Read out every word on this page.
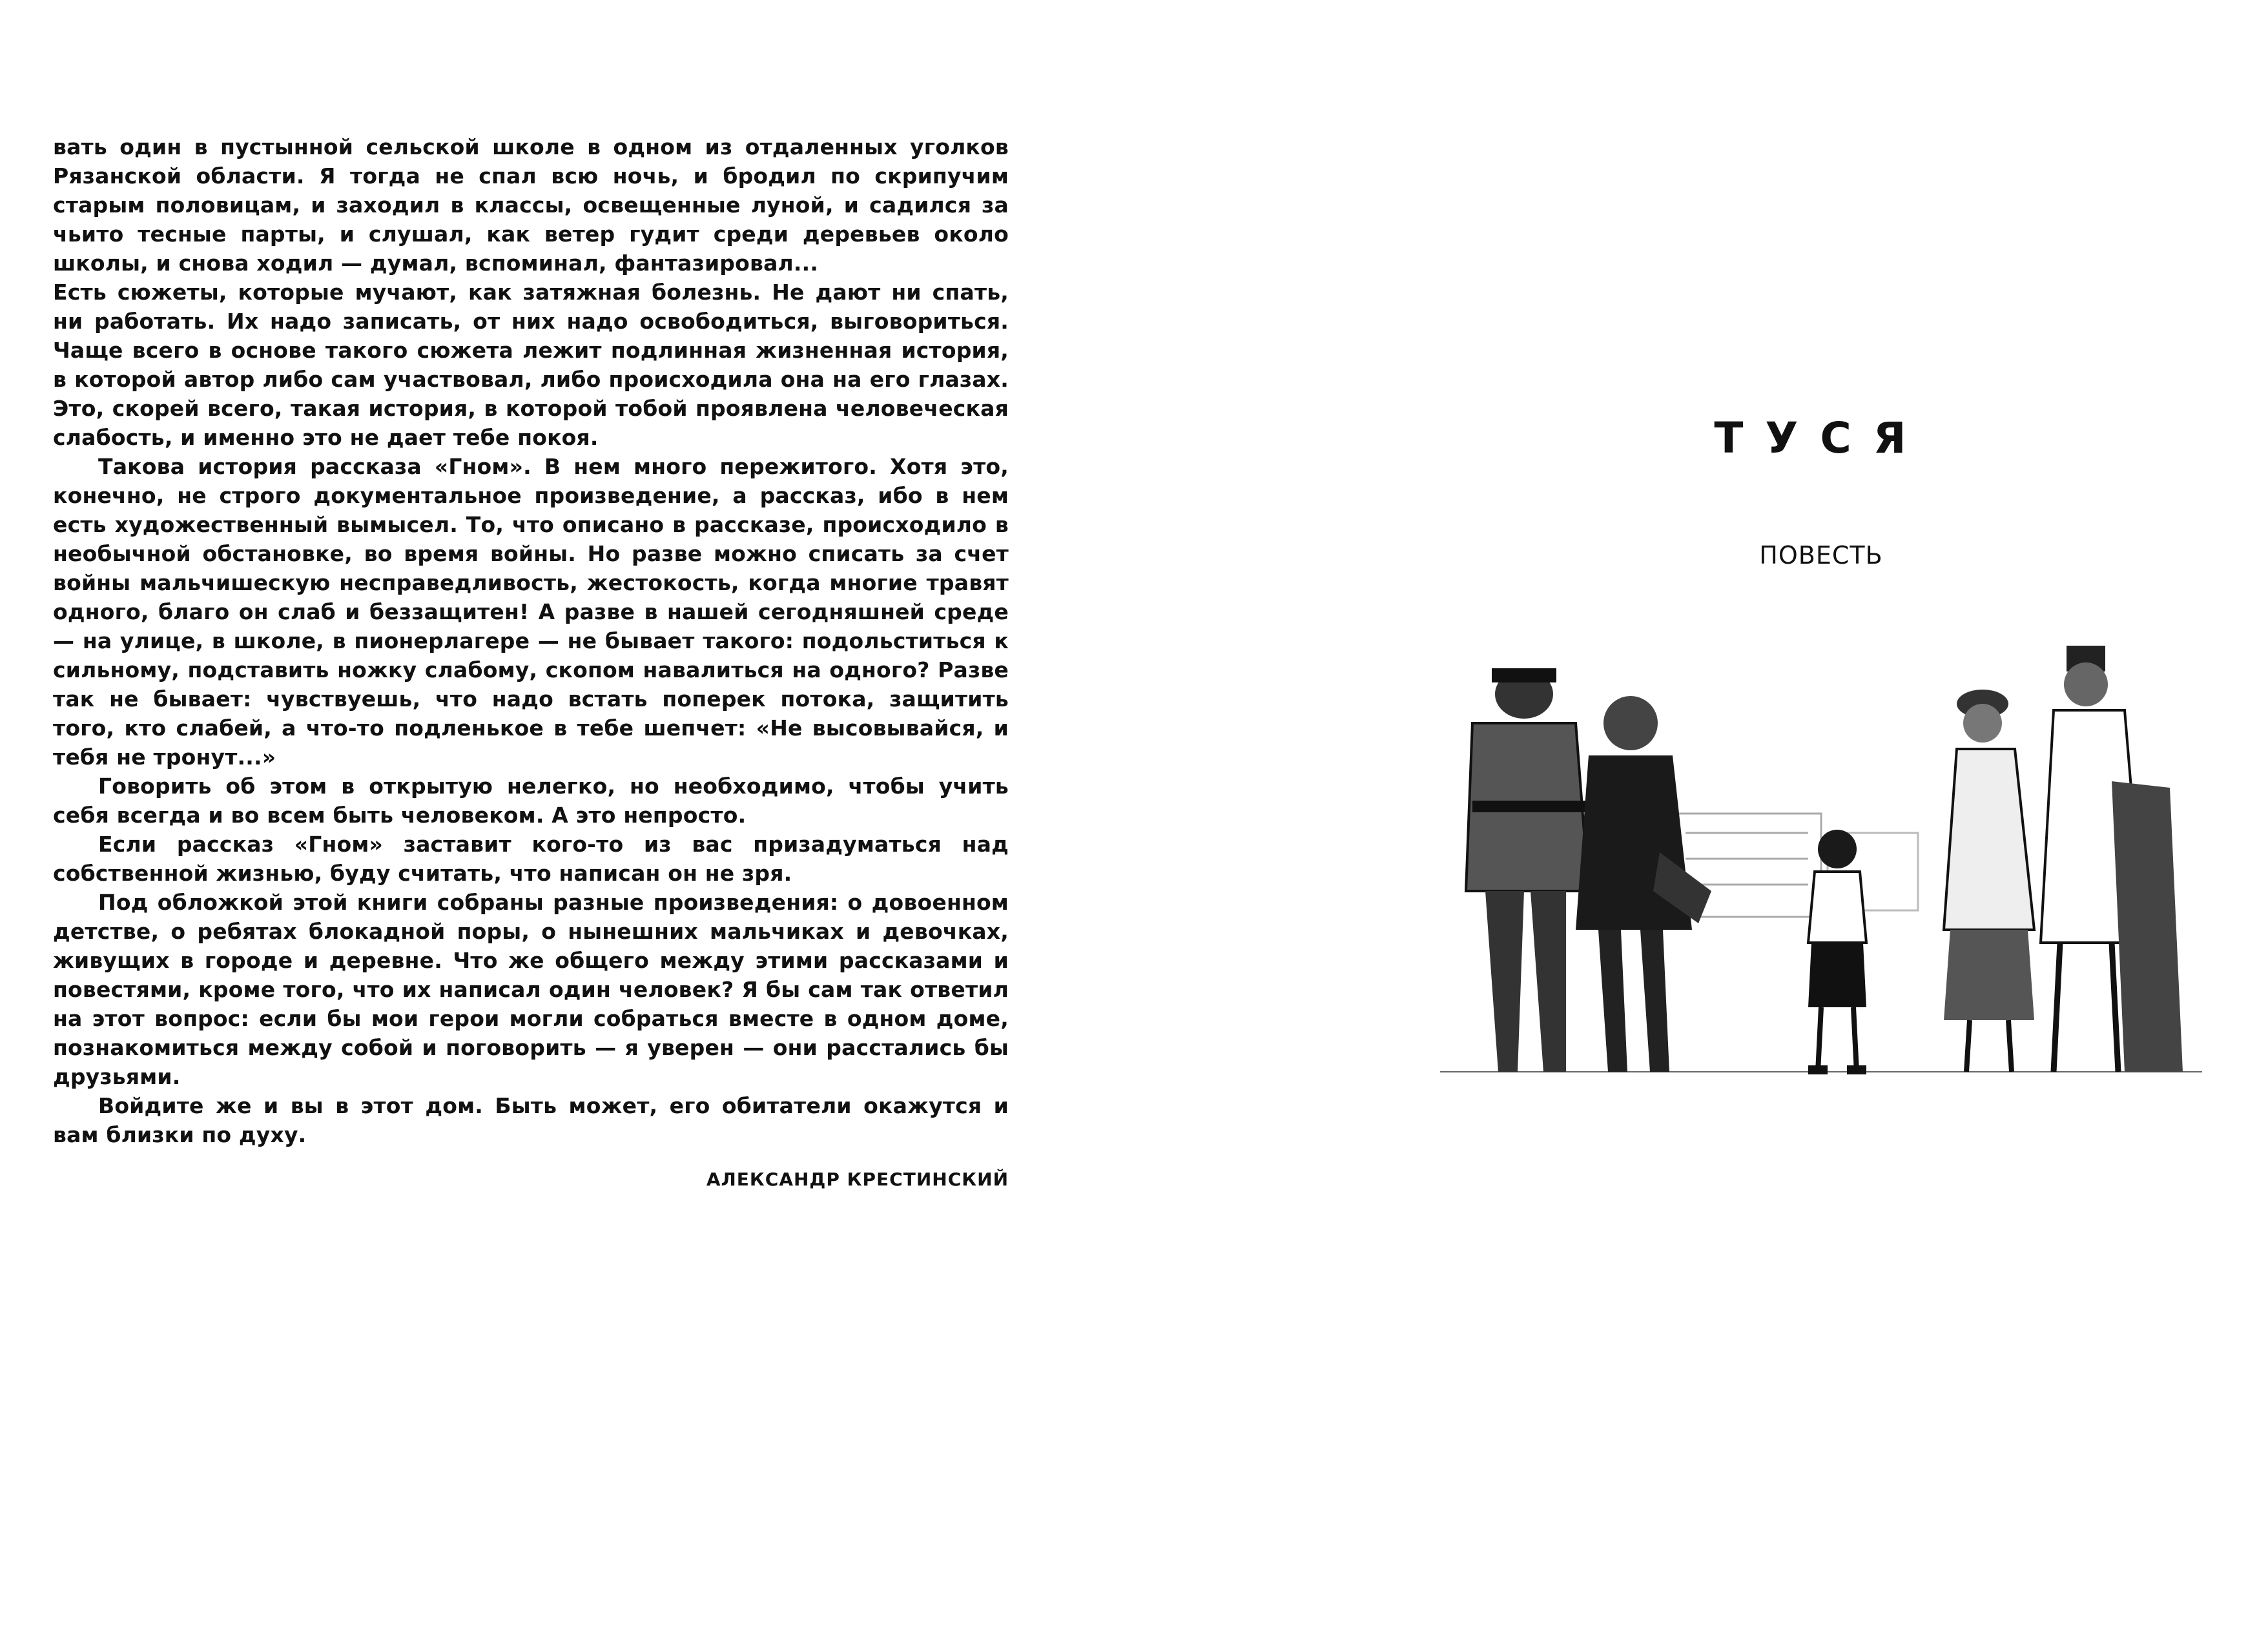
вать один в пустынной сельской школе в одном из отдаленных уголков Рязанской области. Я тогда не спал всю ночь, и бродил по скрипучим старым половицам, и заходил в классы, освещенные луной, и садился за чьито тесные парты, и слушал, как ветер гудит среди деревьев около школы, и снова ходил — думал, вспоминал, фантазировал...

Есть сюжеты, которые мучают, как затяжная болезнь. Не дают ни спать, ни работать. Их надо записать, от них надо освободиться, выговориться. Чаще всего в основе такого сюжета лежит подлинная жизненная история, в которой автор либо сам участвовал, либо происходила она на его глазах. Это, скорей всего, такая история, в которой тобой проявлена человеческая слабость, и именно это не дает тебе покоя.

Такова история рассказа «Гном». В нем много пережитого. Хотя это, конечно, не строго документальное произведение, а рассказ, ибо в нем есть художественный вымысел. То, что описано в рассказе, происходило в необычной обстановке, во время войны. Но разве можно списать за счет войны мальчишескую несправедливость, жестокость, когда многие травят одного, благо он слаб и беззащитен! А разве в нашей сегодняшней среде — на улице, в школе, в пионерлагере — не бывает такого: подольститься к сильному, подставить ножку слабому, скопом навалиться на одного? Разве так не бывает: чувствуешь, что надо встать поперек потока, защитить того, кто слабей, а что-то подленькое в тебе шепчет: «Не высовывайся, и тебя не тронут...»

Говорить об этом в открытую нелегко, но необходимо, чтобы учить себя всегда и во всем быть человеком. А это непросто.

Если рассказ «Гном» заставит кого-то из вас призадуматься над собственной жизнью, буду считать, что написан он не зря.

Под обложкой этой книги собраны разные произведения: о довоенном детстве, о ребятах блокадной поры, о нынешних мальчиках и девочках, живущих в городе и деревне. Что же общего между этими рассказами и повестями, кроме того, что их написал один человек? Я бы сам так ответил на этот вопрос: если бы мои герои могли собраться вместе в одном доме, познакомиться между собой и поговорить — я уверен — они расстались бы друзьями.

Войдите же и вы в этот дом. Быть может, его обитатели окажутся и вам близки по духу.

АЛЕКСАНДР КРЕСТИНСКИЙ
ТУСЯ
ПОВЕСТЬ
